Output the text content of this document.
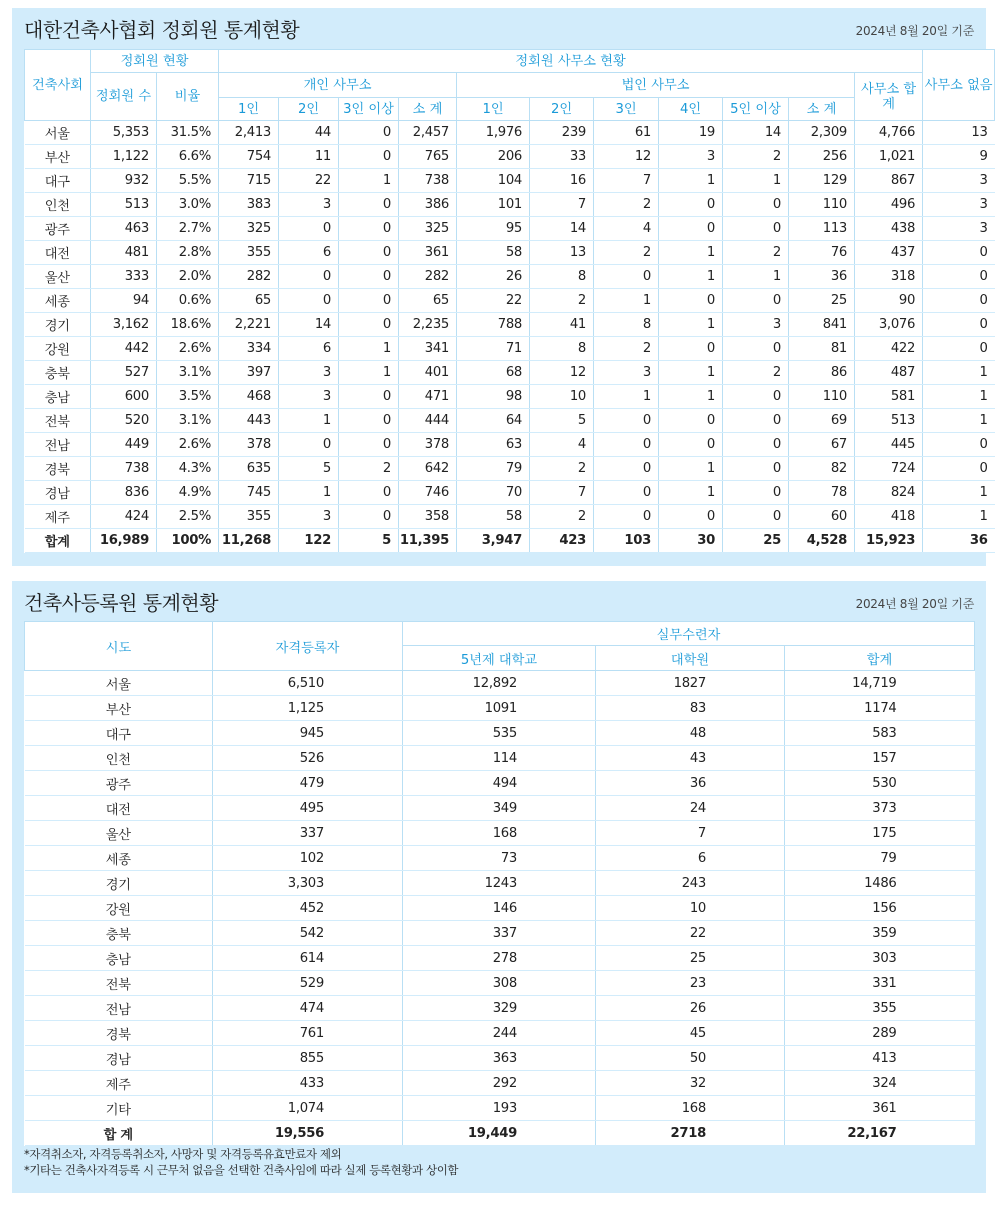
대한건축사협회 정회원 통계현황	2024년 8월 20일 기준
건축사회	정회원 현황		정회원 사무소 현황											사무소 없음
	정회원 수	비율	개인 사무소				법인 사무소						사무소 합계	
			1인	2인	3인 이상	소 계	1인	2인	3인	4인	5인 이상	소 계		
서울	5,353	31.5%	2,413	44	0	2,457	1,976	239	61	19	14	2,309	4,766	13
부산	1,122	6.6%	754	11	0	765	206	33	12	3	2	256	1,021	9
대구	932	5.5%	715	22	1	738	104	16	7	1	1	129	867	3
인천	513	3.0%	383	3	0	386	101	7	2	0	0	110	496	3
광주	463	2.7%	325	0	0	325	95	14	4	0	0	113	438	3
대전	481	2.8%	355	6	0	361	58	13	2	1	2	76	437	0
울산	333	2.0%	282	0	0	282	26	8	0	1	1	36	318	0
세종	94	0.6%	65	0	0	65	22	2	1	0	0	25	90	0
경기	3,162	18.6%	2,221	14	0	2,235	788	41	8	1	3	841	3,076	0
강원	442	2.6%	334	6	1	341	71	8	2	0	0	81	422	0
충북	527	3.1%	397	3	1	401	68	12	3	1	2	86	487	1
충남	600	3.5%	468	3	0	471	98	10	1	1	0	110	581	1
전북	520	3.1%	443	1	0	444	64	5	0	0	0	69	513	1
전남	449	2.6%	378	0	0	378	63	4	0	0	0	67	445	0
경북	738	4.3%	635	5	2	642	79	2	0	1	0	82	724	0
경남	836	4.9%	745	1	0	746	70	7	0	1	0	78	824	1
제주	424	2.5%	355	3	0	358	58	2	0	0	0	60	418	1
합계	16,989	100%	11,268	122	5	11,395	3,947	423	103	30	25	4,528	15,923	36
건축사등록원 통계현황	2024년 8월 20일 기준
시도	자격등록자	실무수련자		
		5년제 대학교	대학원	합계
서울	6,510	12,892	1827	14,719
부산	1,125	1091	83	1174
대구	945	535	48	583
인천	526	114	43	157
광주	479	494	36	530
대전	495	349	24	373
울산	337	168	7	175
세종	102	73	6	79
경기	3,303	1243	243	1486
강원	452	146	10	156
충북	542	337	22	359
충남	614	278	25	303
전북	529	308	23	331
전남	474	329	26	355
경북	761	244	45	289
경남	855	363	50	413
제주	433	292	32	324
기타	1,074	193	168	361
합 계	19,556	19,449	2718	22,167
*자격취소자, 자격등록취소자, 사망자 및 자격등록유효만료자 제외
*기타는 건축사자격등록 시 근무처 없음을 선택한 건축사임에 따라 실제 등록현황과 상이함
